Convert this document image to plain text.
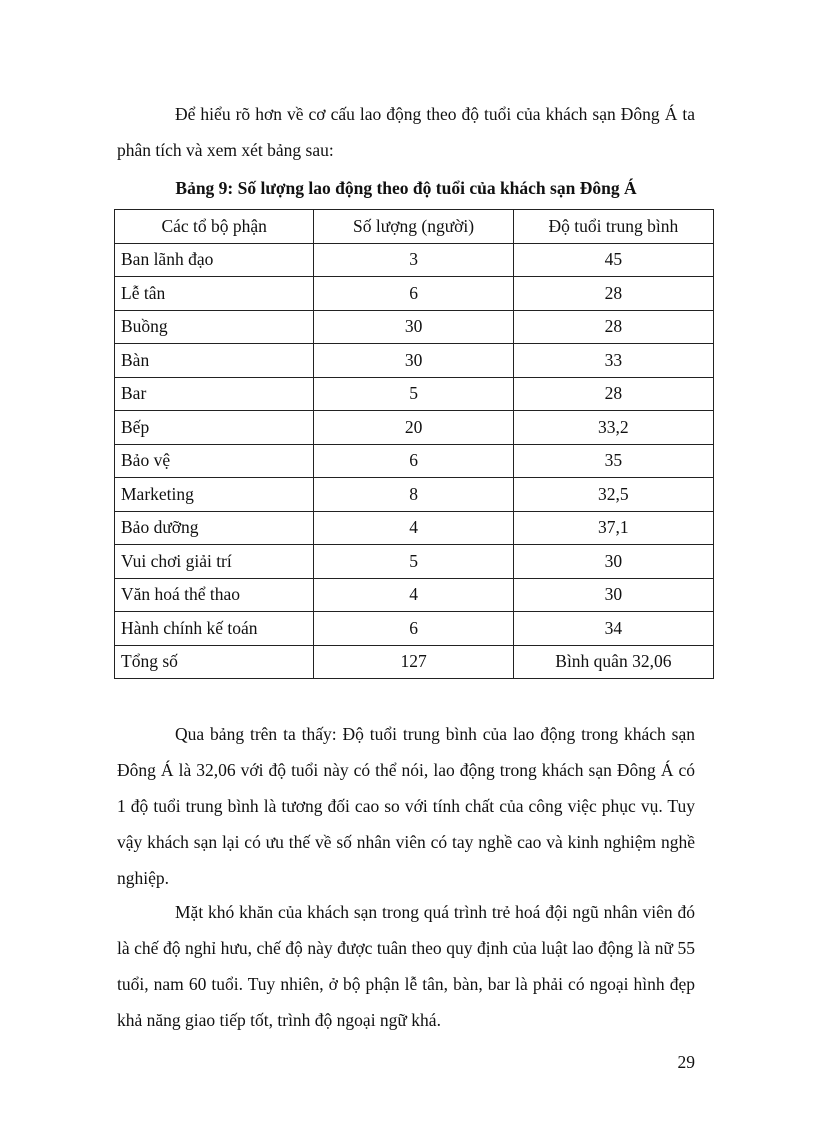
Để hiểu rõ hơn về cơ cấu lao động theo độ tuổi của khách sạn Đông Á ta phân tích và xem xét bảng sau:

Bảng 9: Số lượng lao động theo độ tuổi của khách sạn Đông Á

Các tổ bộ phận	Số lượng (người)	Độ tuổi trung bình
Ban lãnh đạo	3	45
Lễ tân	6	28
Buồng	30	28
Bàn	30	33
Bar	5	28
Bếp	20	33,2
Bảo vệ	6	35
Marketing	8	32,5
Bảo dưỡng	4	37,1
Vui chơi giải trí	5	30
Văn hoá thể thao	4	30
Hành chính kế toán	6	34
Tổng số	127	Bình quân 32,06

Qua bảng trên ta thấy: Độ tuổi trung bình của lao động trong khách sạn Đông Á là 32,06 với độ tuổi này có thể nói, lao động trong khách sạn Đông Á có 1 độ tuổi trung bình là tương đối cao so với tính chất của công việc phục vụ. Tuy vậy khách sạn lại có ưu thế về số nhân viên có tay nghề cao và kinh nghiệm nghề nghiệp.

Mặt khó khăn của khách sạn trong quá trình trẻ hoá đội ngũ nhân viên đó là chế độ nghỉ hưu, chế độ này được tuân theo quy định của luật lao động là nữ 55 tuổi, nam 60 tuổi. Tuy nhiên, ở bộ phận lễ tân, bàn, bar là phải có ngoại hình đẹp khả năng giao tiếp tốt, trình độ ngoại ngữ khá.

29
